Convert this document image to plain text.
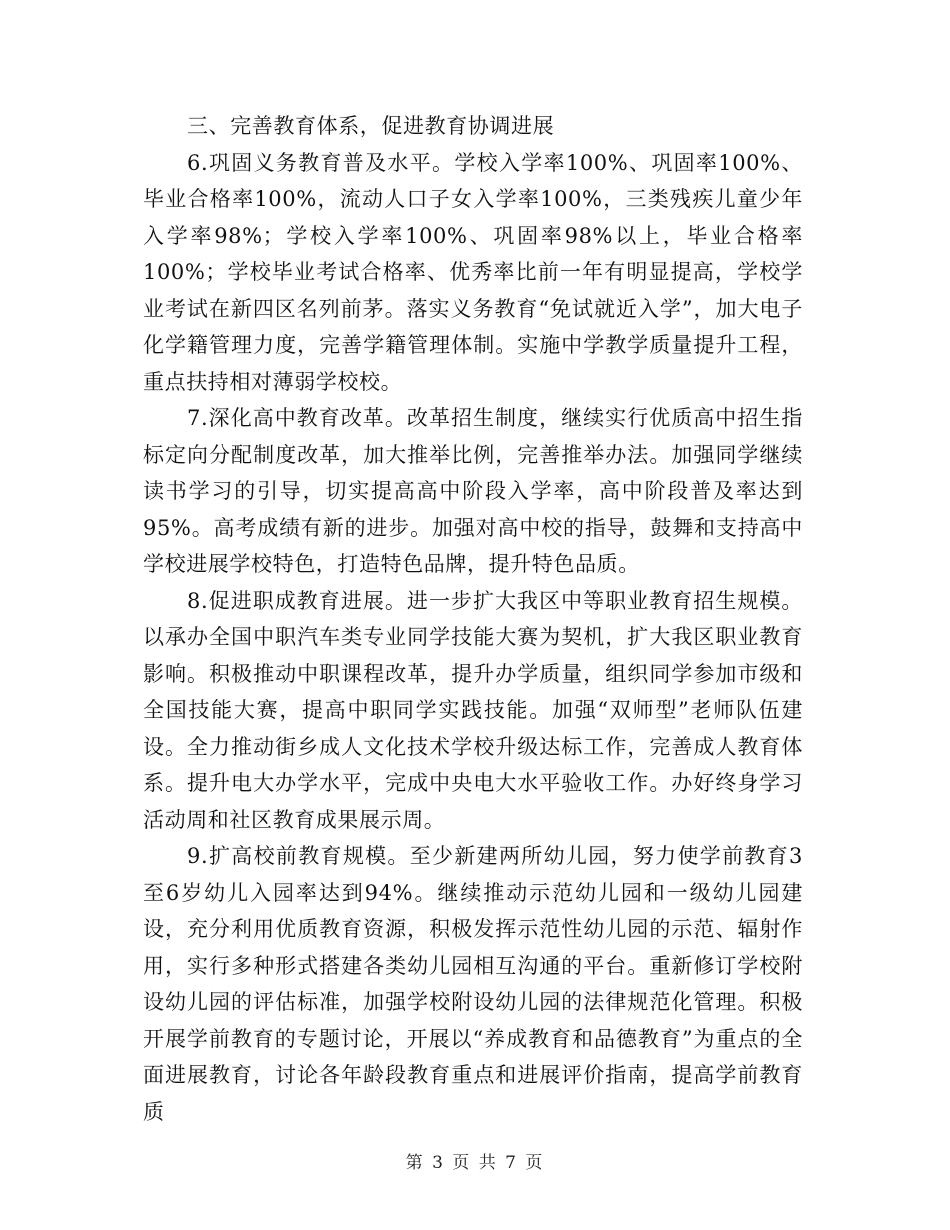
三、完善教育体系，促进教育协调进展

6.巩固义务教育普及水平。学校入学率100%、巩固率100%、毕业合格率100%，流动人口子女入学率100%，三类残疾儿童少年入学率98%；学校入学率100%、巩固率98%以上，毕业合格率100%；学校毕业考试合格率、优秀率比前一年有明显提高，学校学业考试在新四区名列前茅。落实义务教育“免试就近入学”，加大电子化学籍管理力度，完善学籍管理体制。实施中学教学质量提升工程，重点扶持相对薄弱学校校。

7.深化高中教育改革。改革招生制度，继续实行优质高中招生指标定向分配制度改革，加大推举比例，完善推举办法。加强同学继续读书学习的引导，切实提高高中阶段入学率，高中阶段普及率达到95%。高考成绩有新的进步。加强对高中校的指导，鼓舞和支持高中学校进展学校特色，打造特色品牌，提升特色品质。

8.促进职成教育进展。进一步扩大我区中等职业教育招生规模。以承办全国中职汽车类专业同学技能大赛为契机，扩大我区职业教育影响。积极推动中职课程改革，提升办学质量，组织同学参加市级和全国技能大赛，提高中职同学实践技能。加强“双师型”老师队伍建设。全力推动街乡成人文化技术学校升级达标工作，完善成人教育体系。提升电大办学水平，完成中央电大水平验收工作。办好终身学习活动周和社区教育成果展示周。

9.扩高校前教育规模。至少新建两所幼儿园，努力使学前教育3至6岁幼儿入园率达到94%。继续推动示范幼儿园和一级幼儿园建设，充分利用优质教育资源，积极发挥示范性幼儿园的示范、辐射作用，实行多种形式搭建各类幼儿园相互沟通的平台。重新修订学校附设幼儿园的评估标准，加强学校附设幼儿园的法律规范化管理。积极开展学前教育的专题讨论，开展以“养成教育和品德教育”为重点的全面进展教育，讨论各年龄段教育重点和进展评价指南，提高学前教育质

第 3 页 共 7 页
